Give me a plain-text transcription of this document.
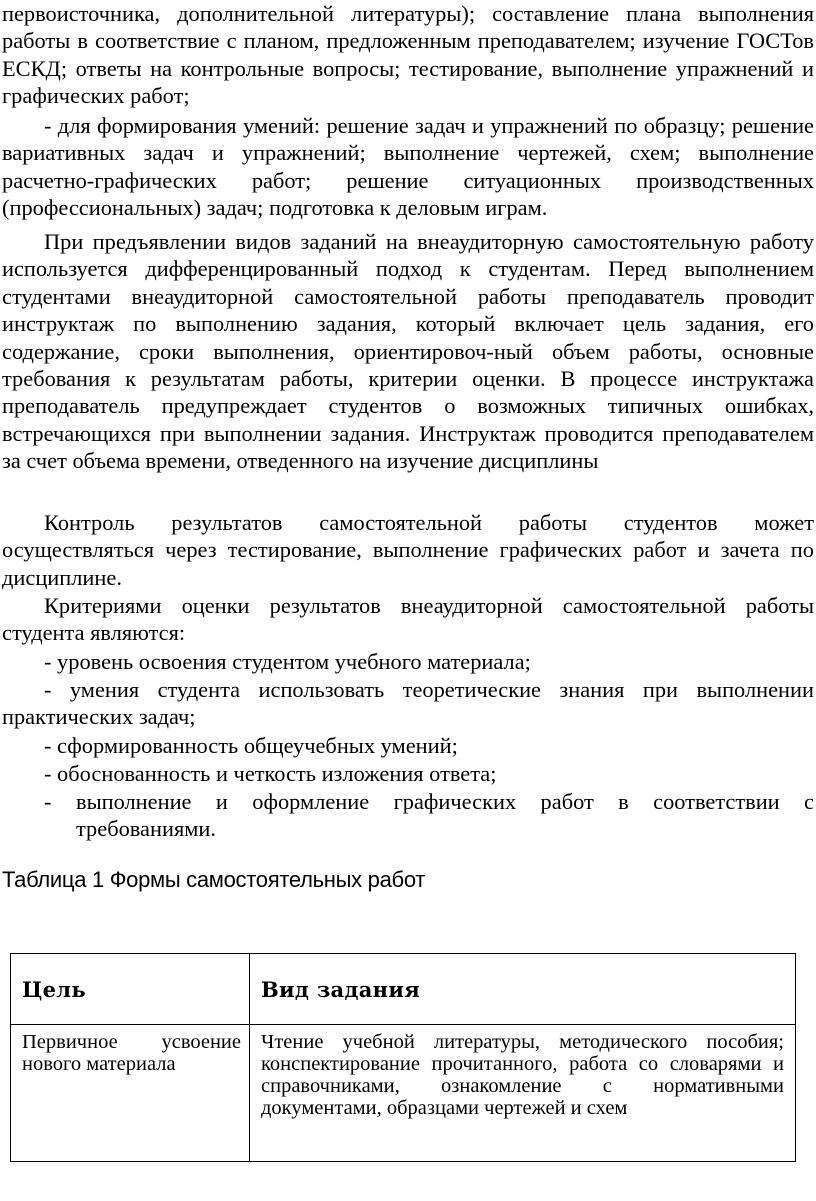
первоисточника, дополнительной литературы); составление плана выполнения работы в соответствие с планом, предложенным преподавателем; изучение ГОСТов ЕСКД; ответы на контрольные вопросы; тестирование, выполнение упражнений и графических работ;

- для формирования умений: решение задач и упражнений по образцу; решение вариативных задач и упражнений; выполнение чертежей, схем; выполнение расчетно-графических работ; решение ситуационных производственных (профессиональных) задач; подготовка к деловым играм.

При предъявлении видов заданий на внеаудиторную самостоятельную работу используется дифференцированный подход к студентам. Перед выполнением студентами внеаудиторной самостоятельной работы преподаватель проводит инструктаж по выполнению задания, который включает цель задания, его содержание, сроки выполнения, ориентировоч-ный объем работы, основные требования к результатам работы, критерии оценки. В процессе инструктажа преподаватель предупреждает студентов о возможных типичных ошибках, встречающихся при выполнении задания. Инструктаж проводится преподавателем за счет объема времени, отведенного на изучение дисциплины

Контроль результатов самостоятельной работы студентов может осуществляться через тестирование, выполнение графических работ и зачета по дисциплине.

Критериями оценки результатов внеаудиторной самостоятельной работы студента являются:

- уровень освоения студентом учебного материала;

- умения студента использовать теоретические знания при выполнении практических задач;

- сформированность общеучебных умений;

- обоснованность и четкость изложения ответа;

- выполнение и оформление графических работ в соответствии с требованиями.
Таблица 1 Формы самостоятельных работ
Цель	Вид задания
Первичное усвоение нового материала	Чтение учебной литературы, методического пособия; конспектирование прочитанного, работа со словарями и справочниками, ознакомление с нормативными документами, образцами чертежей и схем
